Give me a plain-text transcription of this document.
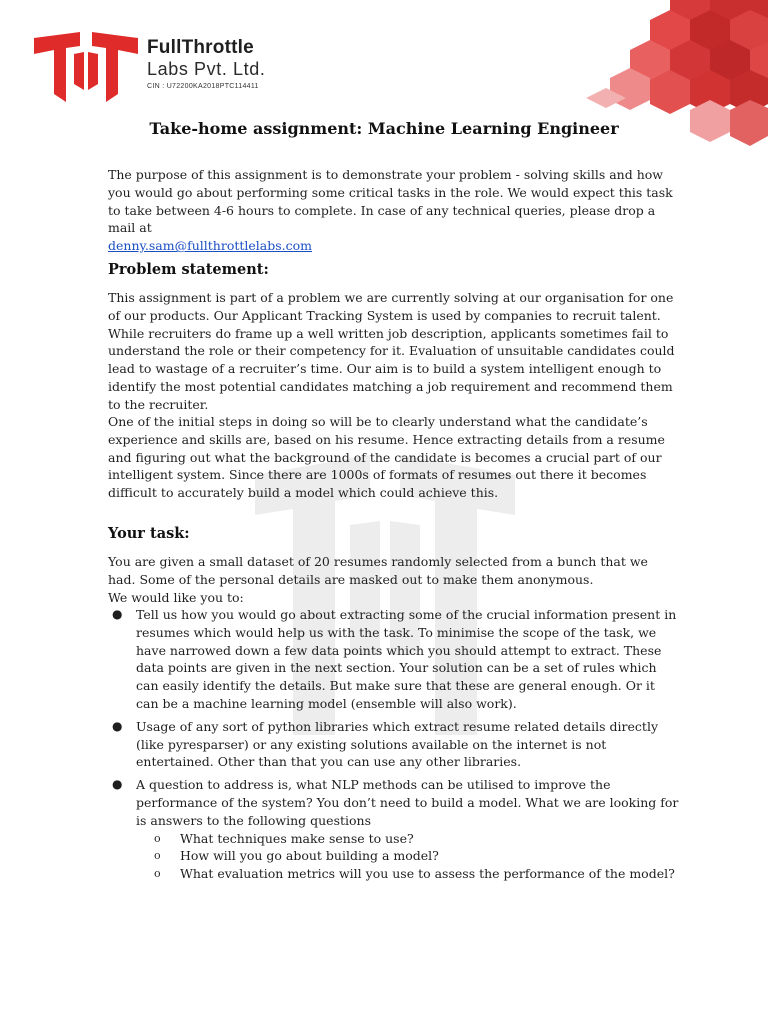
FullThrottle
Labs Pvt. Ltd.
CIN : U72200KA2018PTC114411
Take-home assignment: Machine Learning Engineer

The purpose of this assignment is to demonstrate your problem - solving skills and how you would go about performing some critical tasks in the role. We would expect this task to take between 4-6 hours to complete. In case of any technical queries, please drop a mail at
denny.sam@fullthrottlelabs.com

Problem statement:

This assignment is part of a problem we are currently solving at our organisation for one of our products. Our Applicant Tracking System is used by companies to recruit talent. While recruiters do frame up a well written job description, applicants sometimes fail to understand the role or their competency for it. Evaluation of unsuitable candidates could lead to wastage of a recruiter’s time. Our aim is to build a system intelligent enough to identify the most potential candidates matching a job requirement and recommend them to the recruiter.

One of the initial steps in doing so will be to clearly understand what the candidate’s experience and skills are, based on his resume. Hence extracting details from a resume and figuring out what the background of the candidate is becomes a crucial part of our intelligent system. Since there are 1000s of formats of resumes out there it becomes difficult to accurately build a model which could achieve this.

Your task:

You are given a small dataset of 20 resumes randomly selected from a bunch that we had. Some of the personal details are masked out to make them anonymous.

We would like you to:

● Tell us how you would go about extracting some of the crucial information present in resumes which would help us with the task. To minimise the scope of the task, we have narrowed down a few data points which you should attempt to extract. These data points are given in the next section. Your solution can be a set of rules which can easily identify the details. But make sure that these are general enough. Or it can be a machine learning model (ensemble will also work).
● Usage of any sort of python libraries which extract resume related details directly (like pyresparser) or any existing solutions available on the internet is not entertained. Other than that you can use any other libraries.
● A question to address is, what NLP methods can be utilised to improve the performance of the system? You don’t need to build a model. What we are looking for is answers to the following questions
o What techniques make sense to use?
o How will you go about building a model?
o What evaluation metrics will you use to assess the performance of the model?
